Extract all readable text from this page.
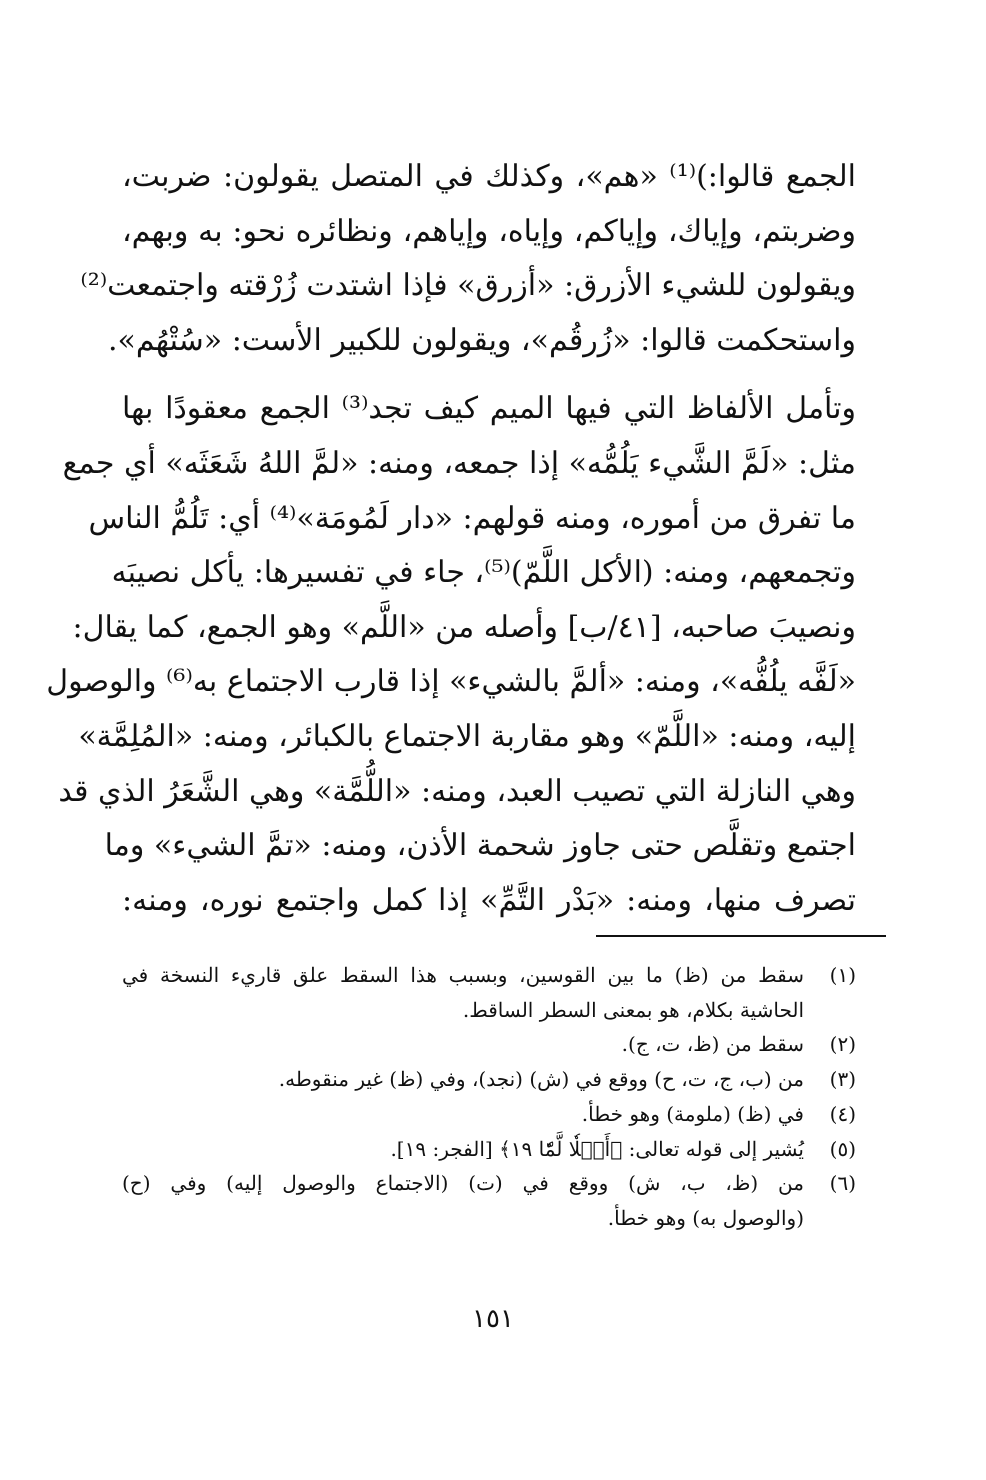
الجمع قالوا:)⁽¹⁾ «هم»، وكذلك في المتصل يقولون: ضربت،
وضربتم، وإياك، وإياكم، وإياه، وإياهم، ونظائره نحو: به وبهم،
ويقولون للشيء الأزرق: «أزرق» فإذا اشتدت زُرْقته واجتمعت⁽²⁾
واستحكمت قالوا: «زُرقُم»، ويقولون للكبير الأست: «سُتْهُم».
وتأمل الألفاظ التي فيها الميم كيف تجد⁽³⁾ الجمع معقودًا بها
مثل: «لَمَّ الشَّيء يَلُمُّه» إذا جمعه، ومنه: «لمَّ اللهُ شَعَثَه» أي جمع
ما تفرق من أموره، ومنه قولهم: «دار لَمُومَة»⁽⁴⁾ أي: تَلُمُّ الناس
وتجمعهم، ومنه: (الأكل اللَّمّ)⁽⁵⁾، جاء في تفسيرها: يأكل نصيبَه
ونصيبَ صاحبه، [٤١/ب] وأصله من «اللَّم» وهو الجمع، كما يقال:
«لَفَّه يلُفُّه»، ومنه: «ألمَّ بالشيء» إذا قارب الاجتماع به⁽⁶⁾ والوصول
إليه، ومنه: «اللَّمّ» وهو مقاربة الاجتماع بالكبائر، ومنه: «المُلِمَّة»
وهي النازلة التي تصيب العبد، ومنه: «اللُّمَّة» وهي الشَّعَرُ الذي قد
اجتمع وتقلَّص حتى جاوز شحمة الأذن، ومنه: «تمَّ الشيء» وما
تصرف منها، ومنه: «بَدْر التَّمِّ» إذا كمل واجتمع نوره، ومنه:
(١)
سقط من (ظ) ما بين القوسين، وبسبب هذا السقط علق قاريء النسخة في
الحاشية بكلام، هو بمعنى السطر الساقط.
(٢)
سقط من (ظ، ت، ج).
(٣)
من (ب، ج، ت، ح) ووقع في (ش) (نجد)، وفي (ظ) غير منقوطه.
(٤)
في (ظ) (ملومة) وهو خطأ.
(٥)
يُشير إلى قوله تعالى: ﴿أَكۡلٗا لَّمّٗا ١٩﴾ [الفجر: ١٩].
(٦)
من (ظ، ب، ش) ووقع في (ت) (الاجتماع والوصول إليه) وفي (ح)
(والوصول به) وهو خطأ.
١٥١
